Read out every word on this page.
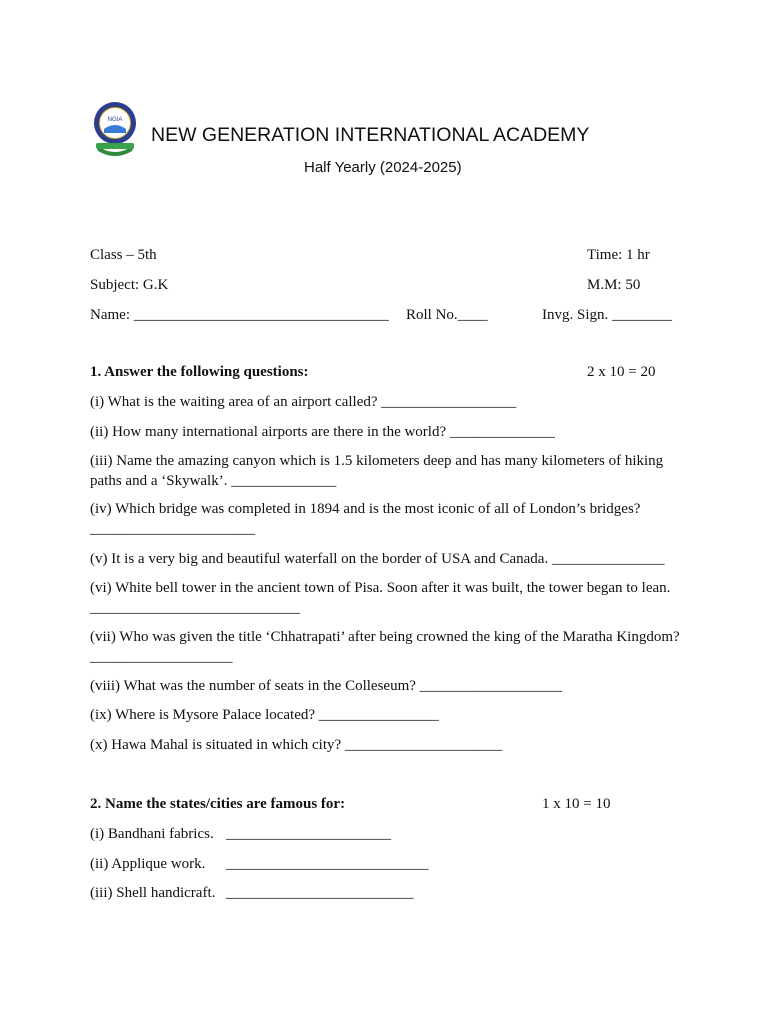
NGIA
NEW GENERATION INTERNATIONAL ACADEMY
Half Yearly (2024-2025)
Class – 5th	Time: 1 hr
Subject: G.K	M.M: 50
Name: __________________________________ Roll No.____	Invg. Sign. ________
1. Answer the following questions:	2 x 10 = 20
(i) What is the waiting area of an airport called? __________________
(ii) How many international airports are there in the world? ______________
(iii) Name the amazing canyon which is 1.5 kilometers deep and has many kilometers of hiking paths and a ‘Skywalk’. ______________
(iv) Which bridge was completed in 1894 and is the most iconic of all of London’s bridges? ______________________
(v) It is a very big and beautiful waterfall on the border of USA and Canada. _______________
(vi) White bell tower in the ancient town of Pisa. Soon after it was built, the tower began to lean. ____________________________
(vii) Who was given the title ‘Chhatrapati’ after being crowned the king of the Maratha Kingdom? ___________________
(viii) What was the number of seats in the Colleseum? ___________________
(ix) Where is Mysore Palace located? ________________
(x) Hawa Mahal is situated in which city? _____________________
2. Name the states/cities are famous for:	1 x 10 = 10
(i) Bandhani fabrics. ______________________
(ii) Applique work. ___________________________
(iii) Shell handicraft. _________________________
